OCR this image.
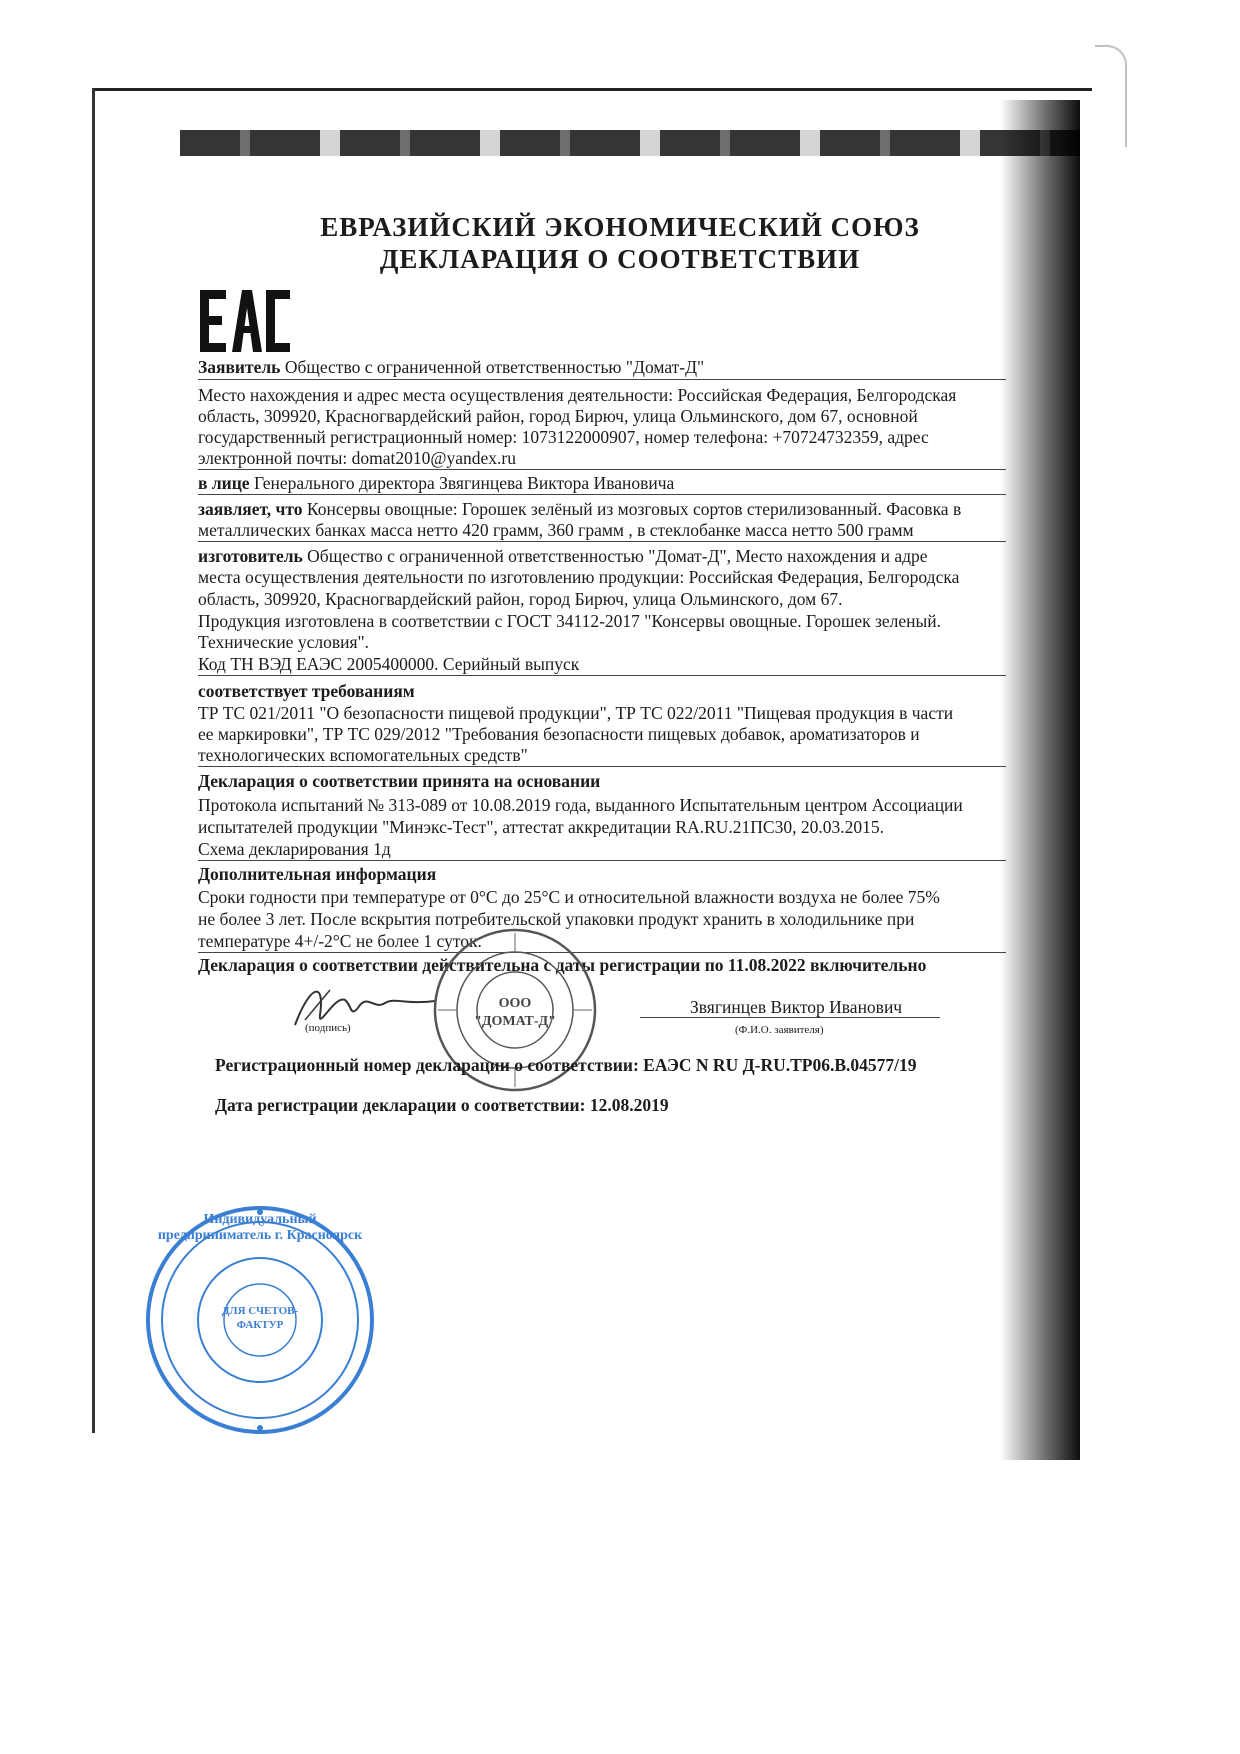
ЕВРАЗИЙСКИЙ ЭКОНОМИЧЕСКИЙ СОЮЗ
ДЕКЛАРАЦИЯ О СООТВЕТСТВИИ
Заявитель Общество с ограниченной ответственностью "Домат-Д"
Место нахождения и адрес места осуществления деятельности: Российская Федерация, Белгородская
область, 309920, Красногвардейский район, город Бирюч, улица Ольминского, дом 67, основной
государственный регистрационный номер: 1073122000907, номер телефона: +70724732359, адрес
электронной почты: domat2010@yandex.ru
в лице Генерального директора Звягинцева Виктора Ивановича
заявляет, что Консервы овощные: Горошек зелёный из мозговых сортов стерилизованный. Фасовка в
металлических банках масса нетто 420 грамм, 360 грамм , в стеклобанке масса нетто 500 грамм
изготовитель Общество с ограниченной ответственностью "Домат-Д", Место нахождения и адре
места осуществления деятельности по изготовлению продукции: Российская Федерация, Белгородска
область, 309920, Красногвардейский район, город Бирюч, улица Ольминского, дом 67.
Продукция изготовлена в соответствии с ГОСТ 34112-2017 "Консервы овощные. Горошек зеленый.
Технические условия".
Код ТН ВЭД ЕАЭС 2005400000. Серийный выпуск
соответствует требованиям
ТР ТС 021/2011 "О безопасности пищевой продукции", ТР ТС 022/2011 "Пищевая продукция в части
ее маркировки", ТР ТС 029/2012 "Требования безопасности пищевых добавок, ароматизаторов и
технологических вспомогательных средств"
Декларация о соответствии принята на основании
Протокола испытаний № 313-089 от 10.08.2019 года, выданного Испытательным центром Ассоциации
испытателей продукции "Минэкс-Тест", аттестат аккредитации RA.RU.21ПС30, 20.03.2015.
Схема декларирования 1д
Дополнительная информация
Сроки годности при температуре от 0°С до 25°С и относительной влажности воздуха не более 75%
не более 3 лет. После вскрытия потребительской упаковки продукт хранить в холодильнике при
температуре 4+/-2°С не более 1 суток.
Декларация о соответствии действительна с даты регистрации по 11.08.2022 включительно
(подпись)
Звягинцев Виктор Иванович
(Ф.И.О. заявителя)
ООО "ДОМАТ-Д"
Регистрационный номер декларации о соответствии: ЕАЭС N RU Д-RU.ТР06.В.04577/19
Дата регистрации декларации о соответствии: 12.08.2019
Индивидуальный предприниматель г. Красноярск
ДЛЯ СЧЕТОВ-ФАКТУР
